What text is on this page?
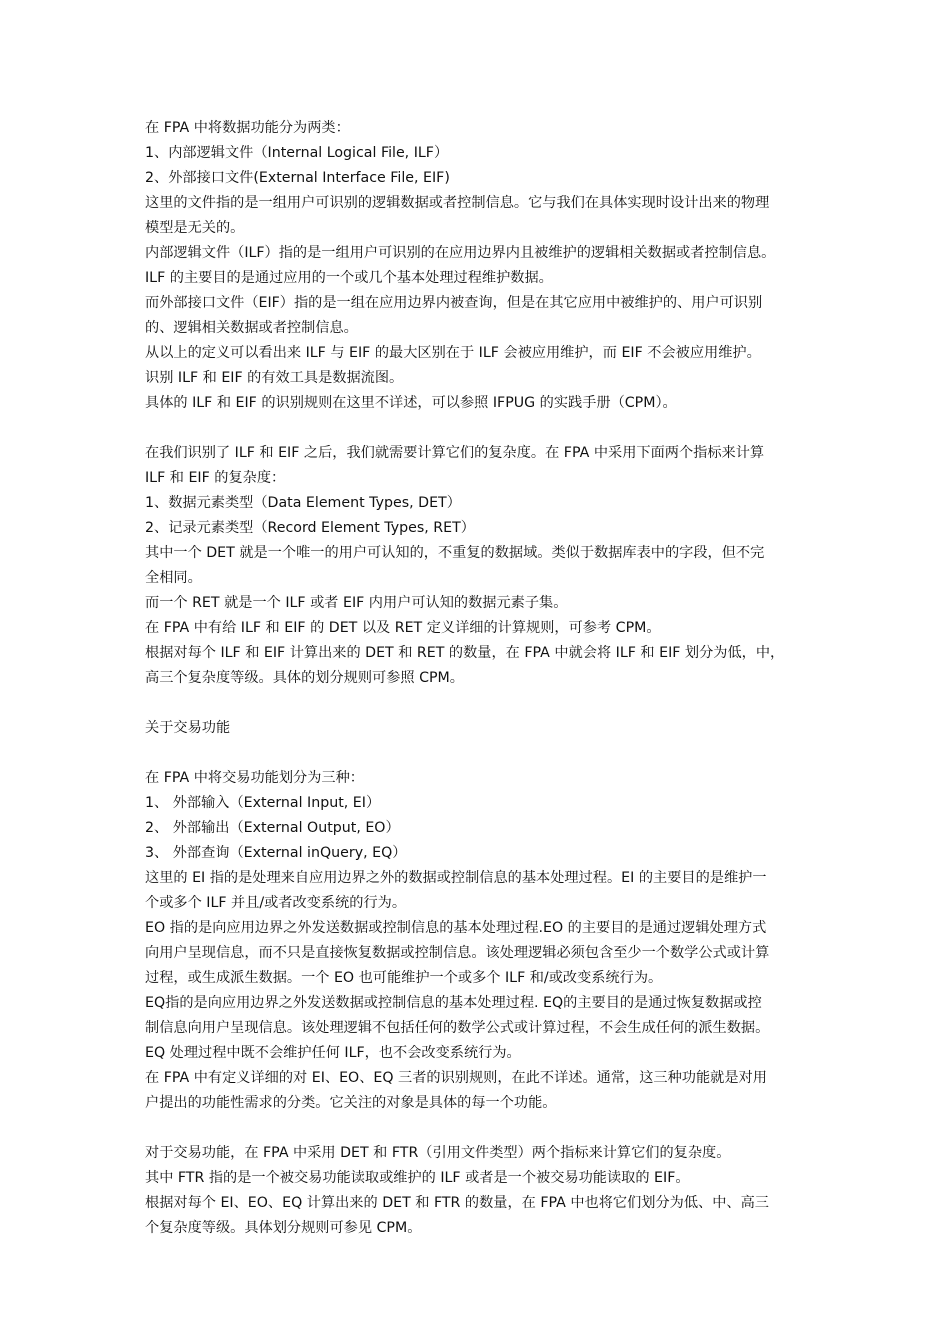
在 FPA 中将数据功能分为两类：
1、内部逻辑文件（Internal Logical File, ILF）
2、外部接口文件(External Interface File, EIF)
这里的文件指的是一组用户可识别的逻辑数据或者控制信息。它与我们在具体实现时设计出来的物理
模型是无关的。
内部逻辑文件（ILF）指的是一组用户可识别的在应用边界内且被维护的逻辑相关数据或者控制信息。
ILF 的主要目的是通过应用的一个或几个基本处理过程维护数据。
而外部接口文件（EIF）指的是一组在应用边界内被查询，但是在其它应用中被维护的、用户可识别
的、逻辑相关数据或者控制信息。
从以上的定义可以看出来 ILF 与 EIF 的最大区别在于 ILF 会被应用维护，而 EIF 不会被应用维护。
识别 ILF 和 EIF 的有效工具是数据流图。
具体的 ILF 和 EIF 的识别规则在这里不详述，可以参照 IFPUG 的实践手册（CPM）。
在我们识别了 ILF 和 EIF 之后，我们就需要计算它们的复杂度。在 FPA 中采用下面两个指标来计算
ILF 和 EIF 的复杂度：
1、数据元素类型（Data Element Types, DET）
2、记录元素类型（Record Element Types, RET）
其中一个 DET 就是一个唯一的用户可认知的，不重复的数据域。类似于数据库表中的字段，但不完
全相同。
而一个 RET 就是一个 ILF 或者 EIF 内用户可认知的数据元素子集。
在 FPA 中有给 ILF 和 EIF 的 DET 以及 RET 定义详细的计算规则，可参考 CPM。
根据对每个 ILF 和 EIF 计算出来的 DET 和 RET 的数量，在 FPA 中就会将 ILF 和 EIF 划分为低，中，
高三个复杂度等级。具体的划分规则可参照 CPM。
关于交易功能
在 FPA 中将交易功能划分为三种：
1、 外部输入（External Input, EI）
2、 外部输出（External Output, EO）
3、 外部查询（External inQuery, EQ）
这里的 EI 指的是处理来自应用边界之外的数据或控制信息的基本处理过程。EI 的主要目的是维护一
个或多个 ILF 并且/或者改变系统的行为。
EO 指的是向应用边界之外发送数据或控制信息的基本处理过程.EO 的主要目的是通过逻辑处理方式
向用户呈现信息，而不只是直接恢复数据或控制信息。该处理逻辑必须包含至少一个数学公式或计算
过程，或生成派生数据。一个 EO 也可能维护一个或多个 ILF 和/或改变系统行为。
EQ指的是向应用边界之外发送数据或控制信息的基本处理过程. EQ的主要目的是通过恢复数据或控
制信息向用户呈现信息。该处理逻辑不包括任何的数学公式或计算过程，不会生成任何的派生数据。
EQ 处理过程中既不会维护任何 ILF，也不会改变系统行为。
在 FPA 中有定义详细的对 EI、EO、EQ 三者的识别规则，在此不详述。通常，这三种功能就是对用
户提出的功能性需求的分类。它关注的对象是具体的每一个功能。
对于交易功能，在 FPA 中采用 DET 和 FTR（引用文件类型）两个指标来计算它们的复杂度。
其中 FTR 指的是一个被交易功能读取或维护的 ILF 或者是一个被交易功能读取的 EIF。
根据对每个 EI、EO、EQ 计算出来的 DET 和 FTR 的数量，在 FPA 中也将它们划分为低、中、高三
个复杂度等级。具体划分规则可参见 CPM。
